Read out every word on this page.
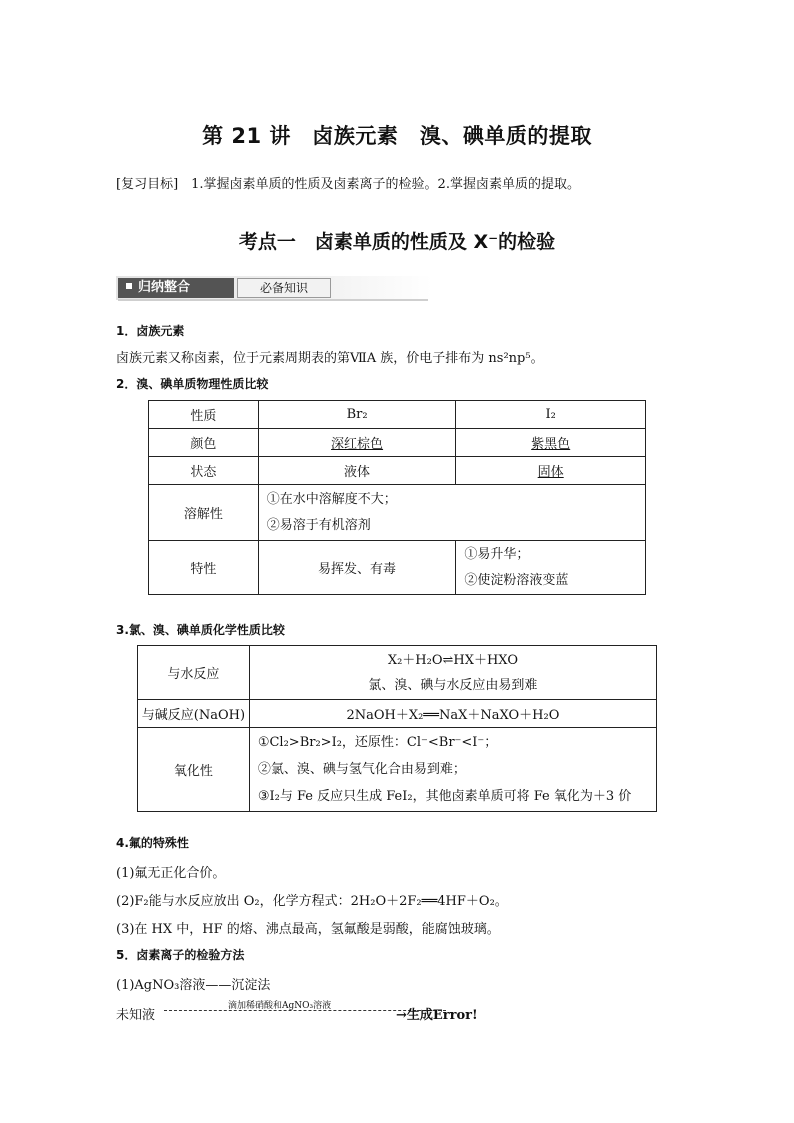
第 21 讲　卤族元素　溴、碘单质的提取
[复习目标]　1.掌握卤素单质的性质及卤素离子的检验。2.掌握卤素单质的提取。
考点一　卤素单质的性质及 X⁻的检验
归纳整合	必备知识
1．卤族元素
卤族元素又称卤素，位于元素周期表的第ⅦA 族，价电子排布为 ns²np⁵。
2．溴、碘单质物理性质比较
性质	Br₂	I₂
颜色	深红棕色	紫黑色
状态	液体	固体
溶解性	①在水中溶解度不大；
②易溶于有机溶剂	

特性	易挥发、有毒	①易升华；
②使淀粉溶液变蓝
3.氯、溴、碘单质化学性质比较
与水反应	X₂＋H₂O⇌HX＋HXO
氯、溴、碘与水反应由易到难

与碱反应(NaOH)	2NaOH＋X₂══NaX＋NaXO＋H₂O
氧化性	①Cl₂>Br₂>I₂，还原性：Cl⁻<Br⁻<I⁻；
②氯、溴、碘与氢气化合由易到难；
③I₂与 Fe 反应只生成 FeI₂，其他卤素单质可将 Fe 氧化为＋3 价
4.氟的特殊性
(1)氟无正化合价。
(2)F₂能与水反应放出 O₂，化学方程式：2H₂O＋2F₂══4HF＋O₂。
(3)在 HX 中，HF 的熔、沸点最高，氢氟酸是弱酸，能腐蚀玻璃。
5．卤素离子的检验方法
(1)AgNO₃溶液——沉淀法
未知液
滴加稀硝酸和AgNO₃溶液
→生成Error!
